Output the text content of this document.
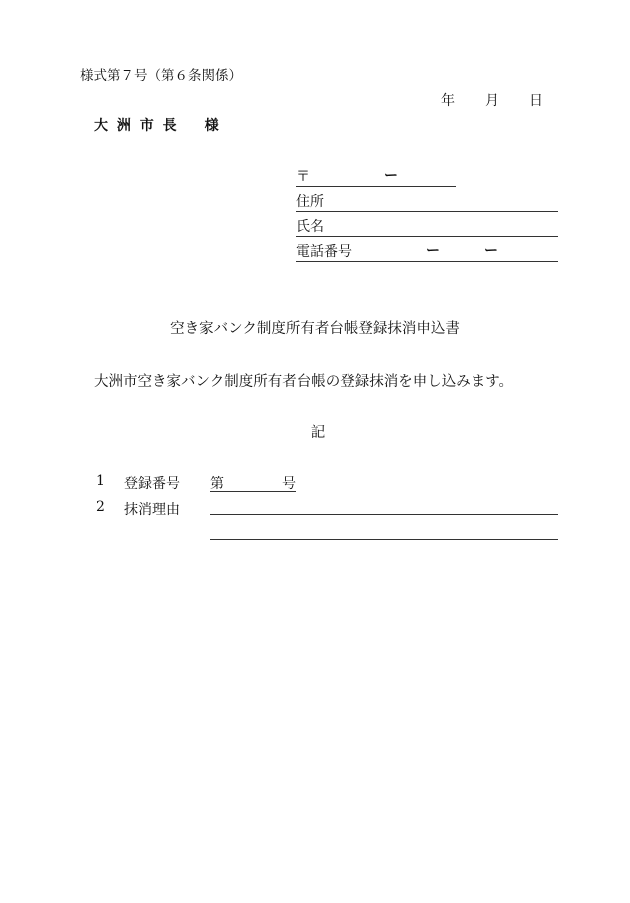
様式第７号（第６条関係）
年 月 日
大 洲 市 長 様
〒	ー
住所
氏名
電話番号	ー	ー
空き家バンク制度所有者台帳登録抹消申込書
大洲市空き家バンク制度所有者台帳の登録抹消を申し込みます。
記
1 登録番号 第	号
2 抹消理由
